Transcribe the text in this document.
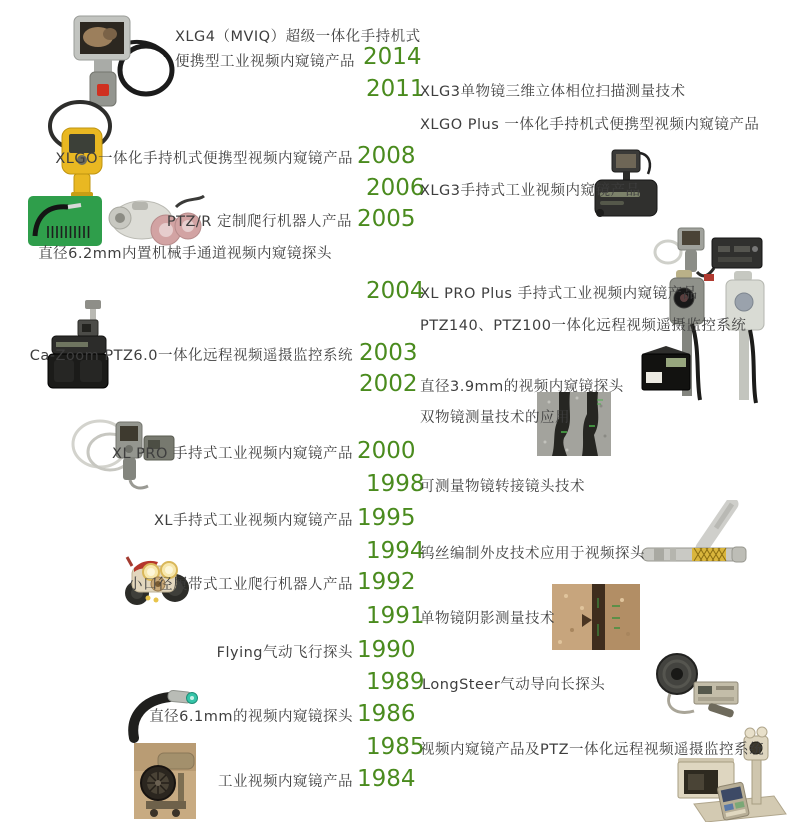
2014
2011
2008
2006
2005
2004
2003
2002
2000
1998
1995
1994
1992
1991
1990
1989
1986
1985
1984
XLG4（MVIQ）超级一体化手持机式
便携型工业视频内窥镜产品
XLGO一体化手持机式便携型视频内窥镜产品
PTZ/R 定制爬行机器人产品
直径6.2mm内置机械手通道视频内窥镜探头
Ca-Zoom PTZ6.0一体化远程视频遥摄监控系统
XL PRO 手持式工业视频内窥镜产品
XL手持式工业视频内窥镜产品
小口径履带式工业爬行机器人产品
Flying气动飞行探头
直径6.1mm的视频内窥镜探头
工业视频内窥镜产品
XLG3单物镜三维立体相位扫描测量技术
XLGO Plus 一体化手持机式便携型视频内窥镜产品
XLG3手持式工业视频内窥镜产品
XL PRO Plus 手持式工业视频内窥镜产品
PTZ140、PTZ100一体化远程视频遥摄监控系统
直径3.9mm的视频内窥镜探头
双物镜测量技术的应用
可测量物镜转接镜头技术
钨丝编制外皮技术应用于视频探头
单物镜阴影测量技术
LongSteer气动导向长探头
视频内窥镜产品及PTZ一体化远程视频遥摄监控系统
